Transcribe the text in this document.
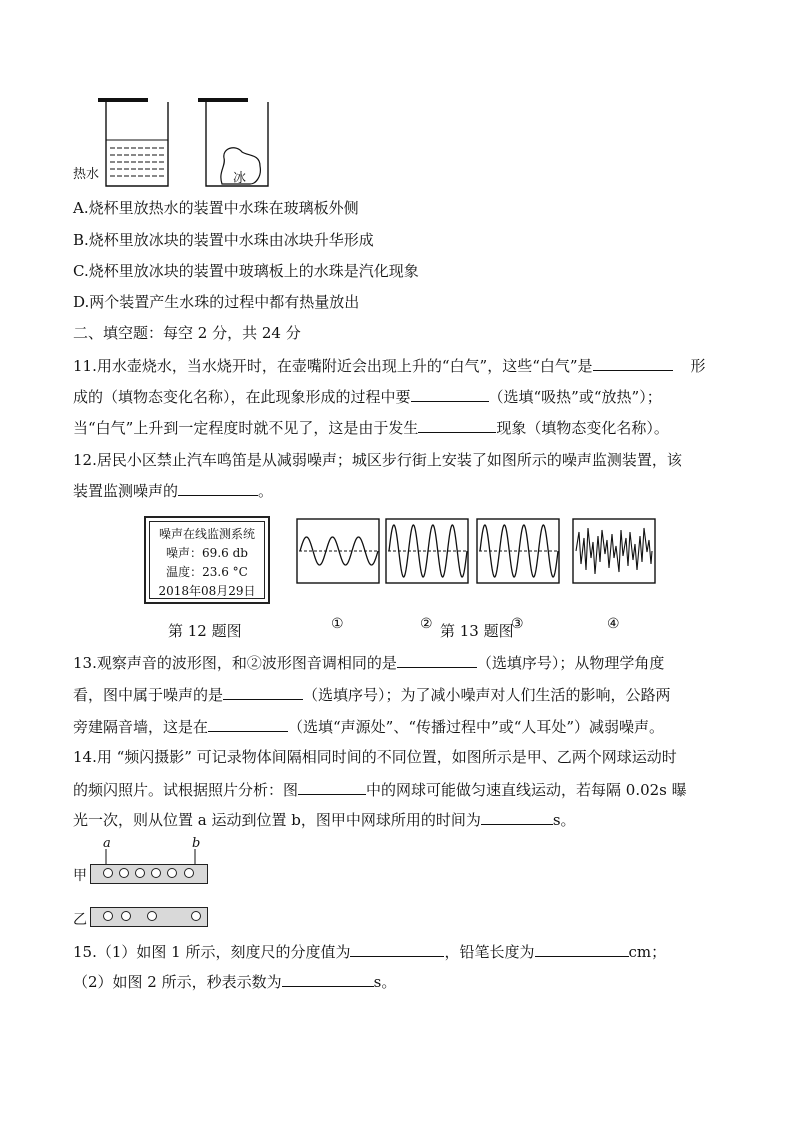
热水	冰
A.烧杯里放热水的装置中水珠在玻璃板外侧
B.烧杯里放冰块的装置中水珠由冰块升华形成
C.烧杯里放冰块的装置中玻璃板上的水珠是汽化现象
D.两个装置产生水珠的过程中都有热量放出
二、填空题：每空 2 分，共 24 分
11.用水壶烧水，当水烧开时，在壶嘴附近会出现上升的“白气”，这些“白气”是	形
成的（填物态变化名称），在此现象形成的过程中要	（选填“吸热”或“放热”）；
当“白气”上升到一定程度时就不见了，这是由于发生	现象（填物态变化名称）。
12.居民小区禁止汽车鸣笛是从减弱噪声；城区步行街上安装了如图所示的噪声监测装置，该
装置监测噪声的	。
噪声在线监测系统
噪声：69.6 db
温度：23.6 °C
2018年08月29日
①	②	③	④
第 12 题图	第 13 题图
13.观察声音的波形图，和②波形图音调相同的是	（选填序号）；从物理学角度
看，图中属于噪声的是	（选填序号）；为了减小噪声对人们生活的影响，公路两
旁建隔音墙，这是在	（选填“声源处”、“传播过程中”或“人耳处”）减弱噪声。
14.用 “频闪摄影” 可记录物体间隔相同时间的不同位置，如图所示是甲、乙两个网球运动时
的频闪照片。试根据照片分析：图	中的网球可能做匀速直线运动，若每隔 0.02s 曝
光一次，则从位置 a 运动到位置 b，图甲中网球所用的时间为	s。
a	b
甲
乙
15.（1）如图 1 所示，刻度尺的分度值为	，铅笔长度为	cm；
（2）如图 2 所示，秒表示数为	s。
